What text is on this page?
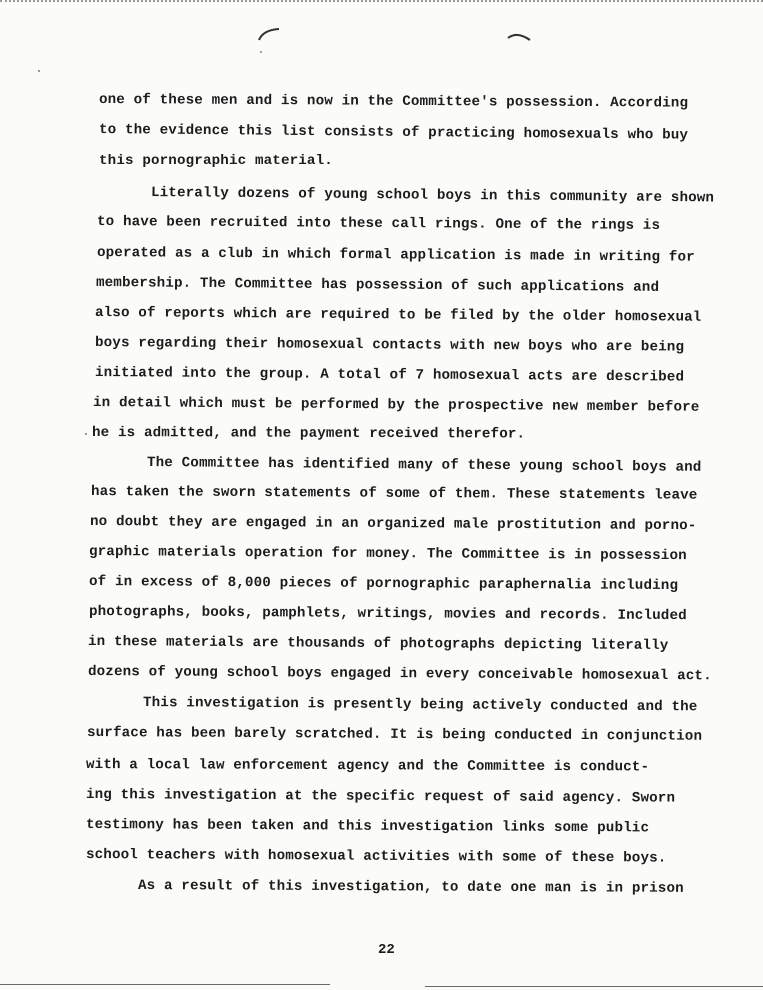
one of these men and is now in the Committee's possession. According
to the evidence this list consists of practicing homosexuals who buy
this pornographic material.
Literally dozens of young school boys in this community are shown
to have been recruited into these call rings. One of the rings is
operated as a club in which formal application is made in writing for
membership. The Committee has possession of such applications and
also of reports which are required to be filed by the older homosexual
boys regarding their homosexual contacts with new boys who are being
initiated into the group. A total of 7 homosexual acts are described
in detail which must be performed by the prospective new member before
he is admitted, and the payment received therefor.
The Committee has identified many of these young school boys and
has taken the sworn statements of some of them. These statements leave
no doubt they are engaged in an organized male prostitution and porno-
graphic materials operation for money. The Committee is in possession
of in excess of 8,000 pieces of pornographic paraphernalia including
photographs, books, pamphlets, writings, movies and records. Included
in these materials are thousands of photographs depicting literally
dozens of young school boys engaged in every conceivable homosexual act.
This investigation is presently being actively conducted and the
surface has been barely scratched. It is being conducted in conjunction
with a local law enforcement agency and the Committee is conduct-
ing this investigation at the specific request of said agency. Sworn
testimony has been taken and this investigation links some public
school teachers with homosexual activities with some of these boys.
As a result of this investigation, to date one man is in prison
22
